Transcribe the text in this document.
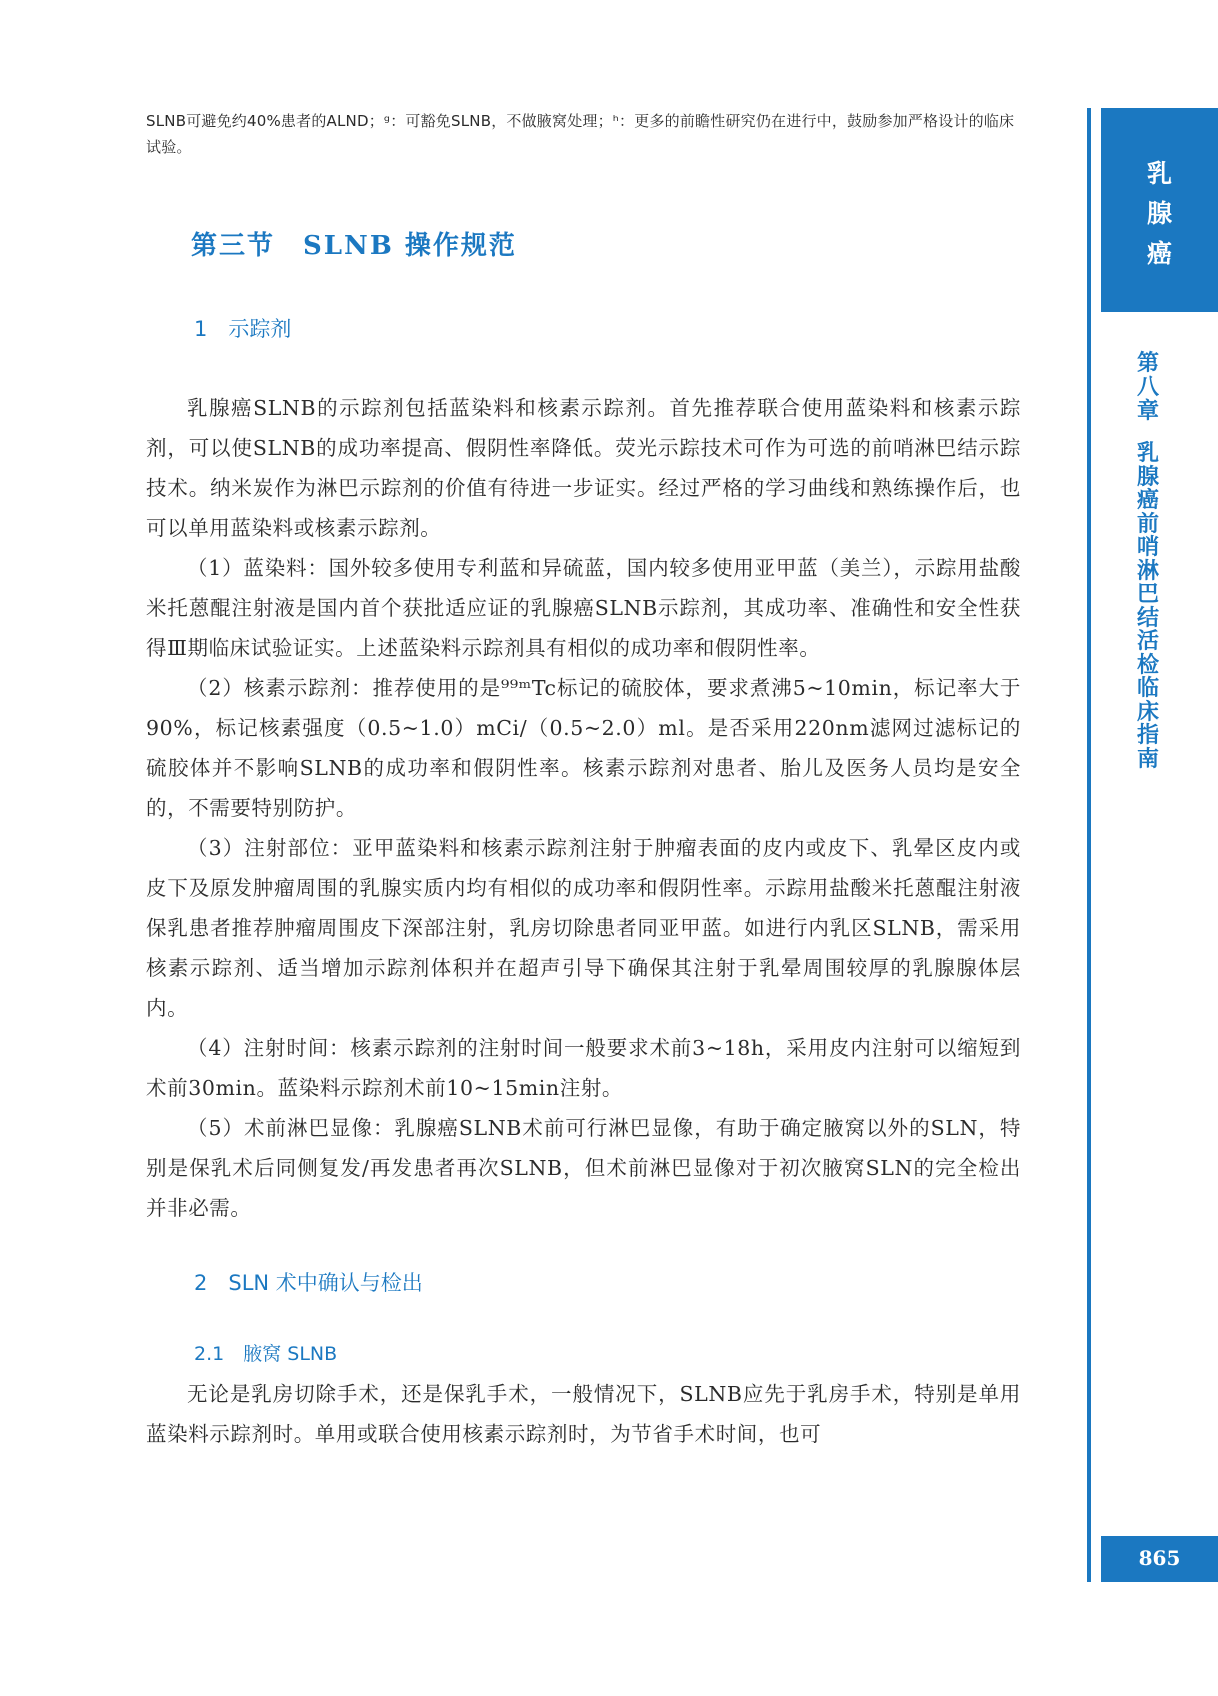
SLNB可避免约40%患者的ALND；ᵍ：可豁免SLNB，不做腋窝处理；ʰ：更多的前瞻性研究仍在进行中，鼓励参加严格设计的临床试验。

第三节　SLNB 操作规范
1　示踪剂

乳腺癌SLNB的示踪剂包括蓝染料和核素示踪剂。首先推荐联合使用蓝染料和核素示踪剂，可以使SLNB的成功率提高、假阴性率降低。荧光示踪技术可作为可选的前哨淋巴结示踪技术。纳米炭作为淋巴示踪剂的价值有待进一步证实。经过严格的学习曲线和熟练操作后，也可以单用蓝染料或核素示踪剂。

（1）蓝染料：国外较多使用专利蓝和异硫蓝，国内较多使用亚甲蓝（美兰），示踪用盐酸米托蒽醌注射液是国内首个获批适应证的乳腺癌SLNB示踪剂，其成功率、准确性和安全性获得Ⅲ期临床试验证实。上述蓝染料示踪剂具有相似的成功率和假阴性率。

（2）核素示踪剂：推荐使用的是⁹⁹ᵐTc标记的硫胶体，要求煮沸5~10min，标记率大于90%，标记核素强度（0.5~1.0）mCi/（0.5~2.0）ml。是否采用220nm滤网过滤标记的硫胶体并不影响SLNB的成功率和假阴性率。核素示踪剂对患者、胎儿及医务人员均是安全的，不需要特别防护。

（3）注射部位：亚甲蓝染料和核素示踪剂注射于肿瘤表面的皮内或皮下、乳晕区皮内或皮下及原发肿瘤周围的乳腺实质内均有相似的成功率和假阴性率。示踪用盐酸米托蒽醌注射液保乳患者推荐肿瘤周围皮下深部注射，乳房切除患者同亚甲蓝。如进行内乳区SLNB，需采用核素示踪剂、适当增加示踪剂体积并在超声引导下确保其注射于乳晕周围较厚的乳腺腺体层内。

（4）注射时间：核素示踪剂的注射时间一般要求术前3~18h，采用皮内注射可以缩短到术前30min。蓝染料示踪剂术前10~15min注射。

（5）术前淋巴显像：乳腺癌SLNB术前可行淋巴显像，有助于确定腋窝以外的SLN，特别是保乳术后同侧复发/再发患者再次SLNB，但术前淋巴显像对于初次腋窝SLN的完全检出并非必需。

2　SLN 术中确认与检出
2.1　腋窝 SLNB

无论是乳房切除手术，还是保乳手术，一般情况下，SLNB应先于乳房手术，特别是单用蓝染料示踪剂时。单用或联合使用核素示踪剂时，为节省手术时间，也可

乳
腺
癌
第
八
章
乳
腺
癌
前
哨
淋
巴
结
活
检
临
床
指
南
865
